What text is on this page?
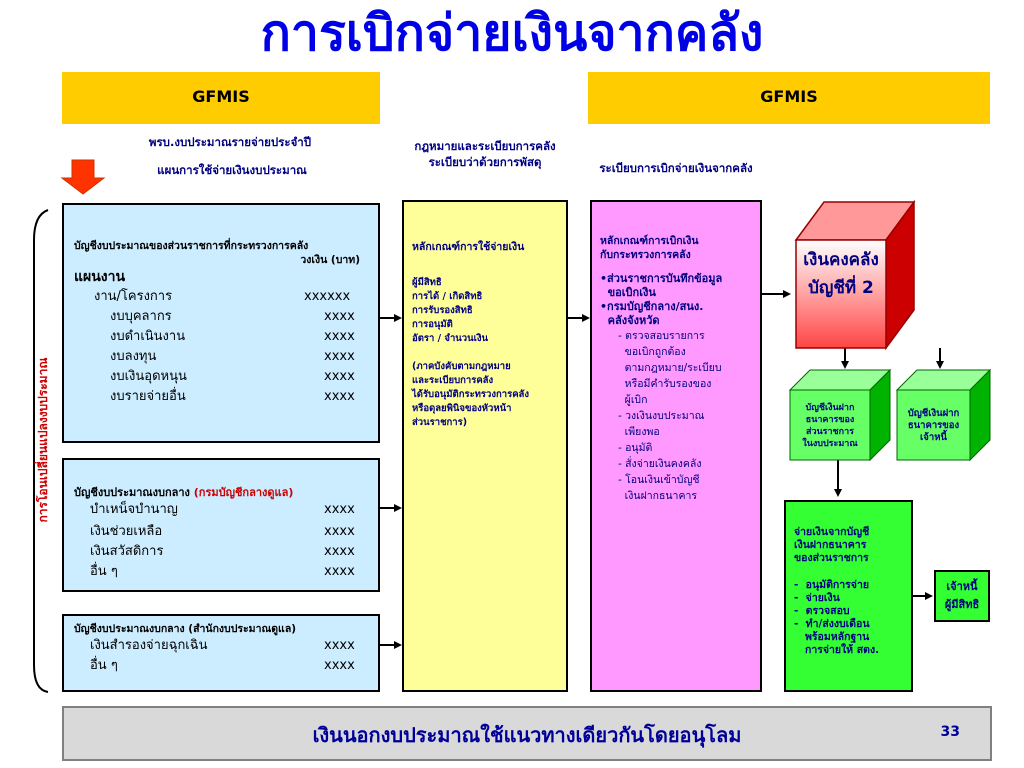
การเบิกจ่ายเงินจากคลัง
GFMIS	GFMIS
พรบ.งบประมาณรายจ่ายประจำปี
แผนการใช้จ่ายเงินงบประมาณ
กฎหมายและระเบียบการคลัง
ระเบียบว่าด้วยการพัสดุ	ระเบียบการเบิกจ่ายเงินจากคลัง
การโอนเปลี่ยนแปลงงบประมาณ
บัญชีงบประมาณของส่วนราชการที่กระทรวงการคลัง
วงเงิน (บาท)
แผนงาน
งาน/โครงการ	xxxxxx
งบบุคลากร	xxxx
งบดำเนินงาน	xxxx
งบลงทุน	xxxx
งบเงินอุดหนุน	xxxx
งบรายจ่ายอื่น	xxxx
บัญชีงบประมาณงบกลาง (กรมบัญชีกลางดูแล)
บำเหน็จบำนาญ	xxxx
เงินช่วยเหลือ	xxxx
เงินสวัสดิการ	xxxx
อื่น ๆ	xxxx
บัญชีงบประมาณงบกลาง (สำนักงบประมาณดูแล)
เงินสำรองจ่ายฉุกเฉิน	xxxx
อื่น ๆ	xxxx
หลักเกณฑ์การใช้จ่ายเงิน
ผู้มีสิทธิ
การได้ / เกิดสิทธิ
การรับรองสิทธิ
การอนุมัติ
อัตรา / จำนวนเงิน
(ภาคบังคับตามกฎหมาย
และระเบียบการคลัง
ได้รับอนุมัติกระทรวงการคลัง
หรือดุลยพินิจของหัวหน้า
ส่วนราชการ)
หลักเกณฑ์การเบิกเงิน
กับกระทรวงการคลัง
•ส่วนราชการบันทึกข้อมูล
ขอเบิกเงิน
•กรมบัญชีกลาง/สนง.
คลังจังหวัด
- ตรวจสอบรายการ
ขอเบิกถูกต้อง
ตามกฎหมาย/ระเบียบ
หรือมีคำรับรองของ
ผู้เบิก
- วงเงินงบประมาณ
เพียงพอ
- อนุมัติ
- สั่งจ่ายเงินคงคลัง
- โอนเงินเข้าบัญชี
เงินฝากธนาคาร
เงินคงคลัง
บัญชีที่ 2
บัญชีเงินฝาก
ธนาคารของ
ส่วนราชการ
ในงบประมาณ
บัญชีเงินฝาก
ธนาคารของ
เจ้าหนี้
จ่ายเงินจากบัญชี
เงินฝากธนาคาร
ของส่วนราชการ
-  อนุมัติการจ่าย
-  จ่ายเงิน
-  ตรวจสอบ
-  ทำ/ส่งงบเดือน
พร้อมหลักฐาน
การจ่ายให้ สตง.
เจ้าหนี้
ผู้มีสิทธิ
เงินนอกงบประมาณใช้แนวทางเดียวกันโดยอนุโลม	33
